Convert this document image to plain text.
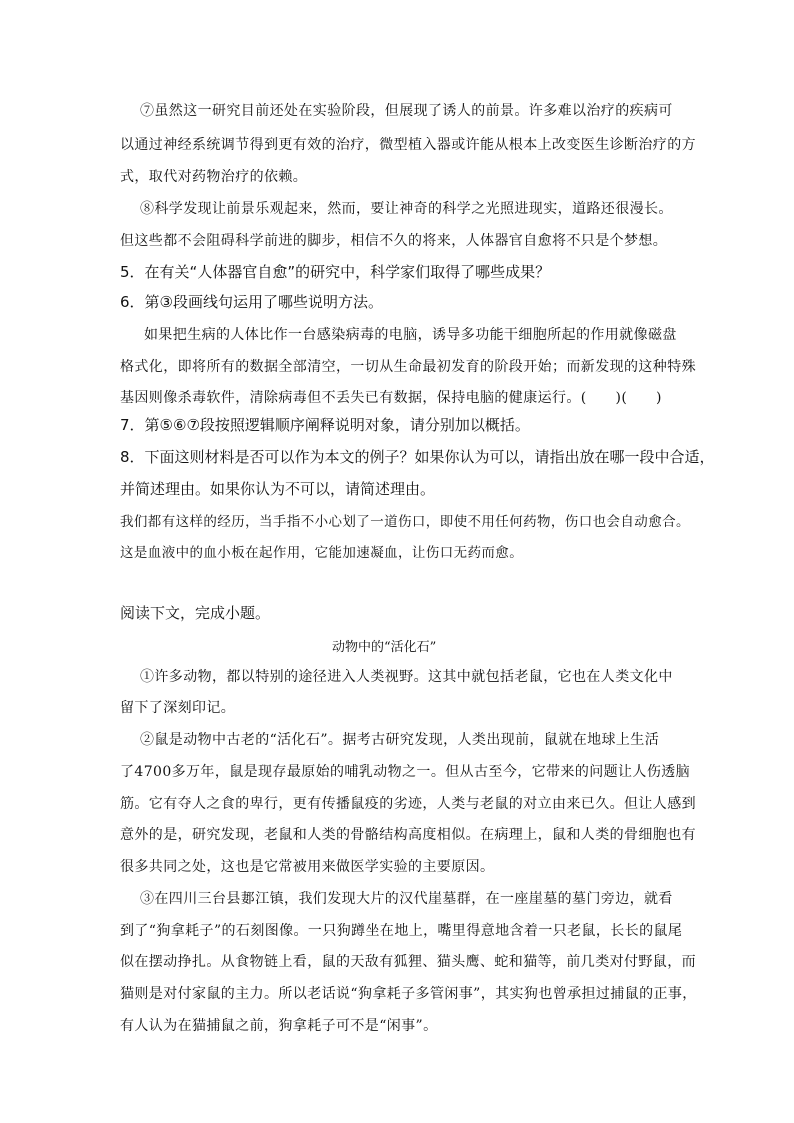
⑦虽然这一研究目前还处在实验阶段，但展现了诱人的前景。许多难以治疗的疾病可
以通过神经系统调节得到更有效的治疗，微型植入器或许能从根本上改变医生诊断治疗的方
式，取代对药物治疗的依赖。
⑧科学发现让前景乐观起来，然而，要让神奇的科学之光照进现实，道路还很漫长。
但这些都不会阻碍科学前进的脚步，相信不久的将来，人体器官自愈将不只是个梦想。
5．在有关“人体器官自愈”的研究中，科学家们取得了哪些成果？
6．第③段画线句运用了哪些说明方法。
如果把生病的人体比作一台感染病毒的电脑，诱导多功能干细胞所起的作用就像磁盘
格式化，即将所有的数据全部清空，一切从生命最初发育的阶段开始；而新发现的这种特殊
基因则像杀毒软件，清除病毒但不丢失已有数据，保持电脑的健康运行。(　　)(　　)
7．第⑤⑥⑦段按照逻辑顺序阐释说明对象，请分别加以概括。
8．下面这则材料是否可以作为本文的例子？如果你认为可以，请指出放在哪一段中合适，
并简述理由。如果你认为不可以，请简述理由。
我们都有这样的经历，当手指不小心划了一道伤口，即使不用任何药物，伤口也会自动愈合。
这是血液中的血小板在起作用，它能加速凝血，让伤口无药而愈。
阅读下文，完成小题。
动物中的“活化石”
①许多动物，都以特别的途径进入人类视野。这其中就包括老鼠，它也在人类文化中
留下了深刻印记。
②鼠是动物中古老的“活化石”。据考古研究发现，人类出现前，鼠就在地球上生活
了4700多万年，鼠是现存最原始的哺乳动物之一。但从古至今，它带来的问题让人伤透脑
筋。它有夺人之食的卑行，更有传播鼠疫的劣迹，人类与老鼠的对立由来已久。但让人感到
意外的是，研究发现，老鼠和人类的骨骼结构高度相似。在病理上，鼠和人类的骨细胞也有
很多共同之处，这也是它常被用来做医学实验的主要原因。
③在四川三台县郪江镇，我们发现大片的汉代崖墓群，在一座崖墓的墓门旁边，就看
到了“狗拿耗子”的石刻图像。一只狗蹲坐在地上，嘴里得意地含着一只老鼠，长长的鼠尾
似在摆动挣扎。从食物链上看，鼠的天敌有狐狸、猫头鹰、蛇和猫等，前几类对付野鼠，而
猫则是对付家鼠的主力。所以老话说“狗拿耗子多管闲事”，其实狗也曾承担过捕鼠的正事，
有人认为在猫捕鼠之前，狗拿耗子可不是“闲事”。
